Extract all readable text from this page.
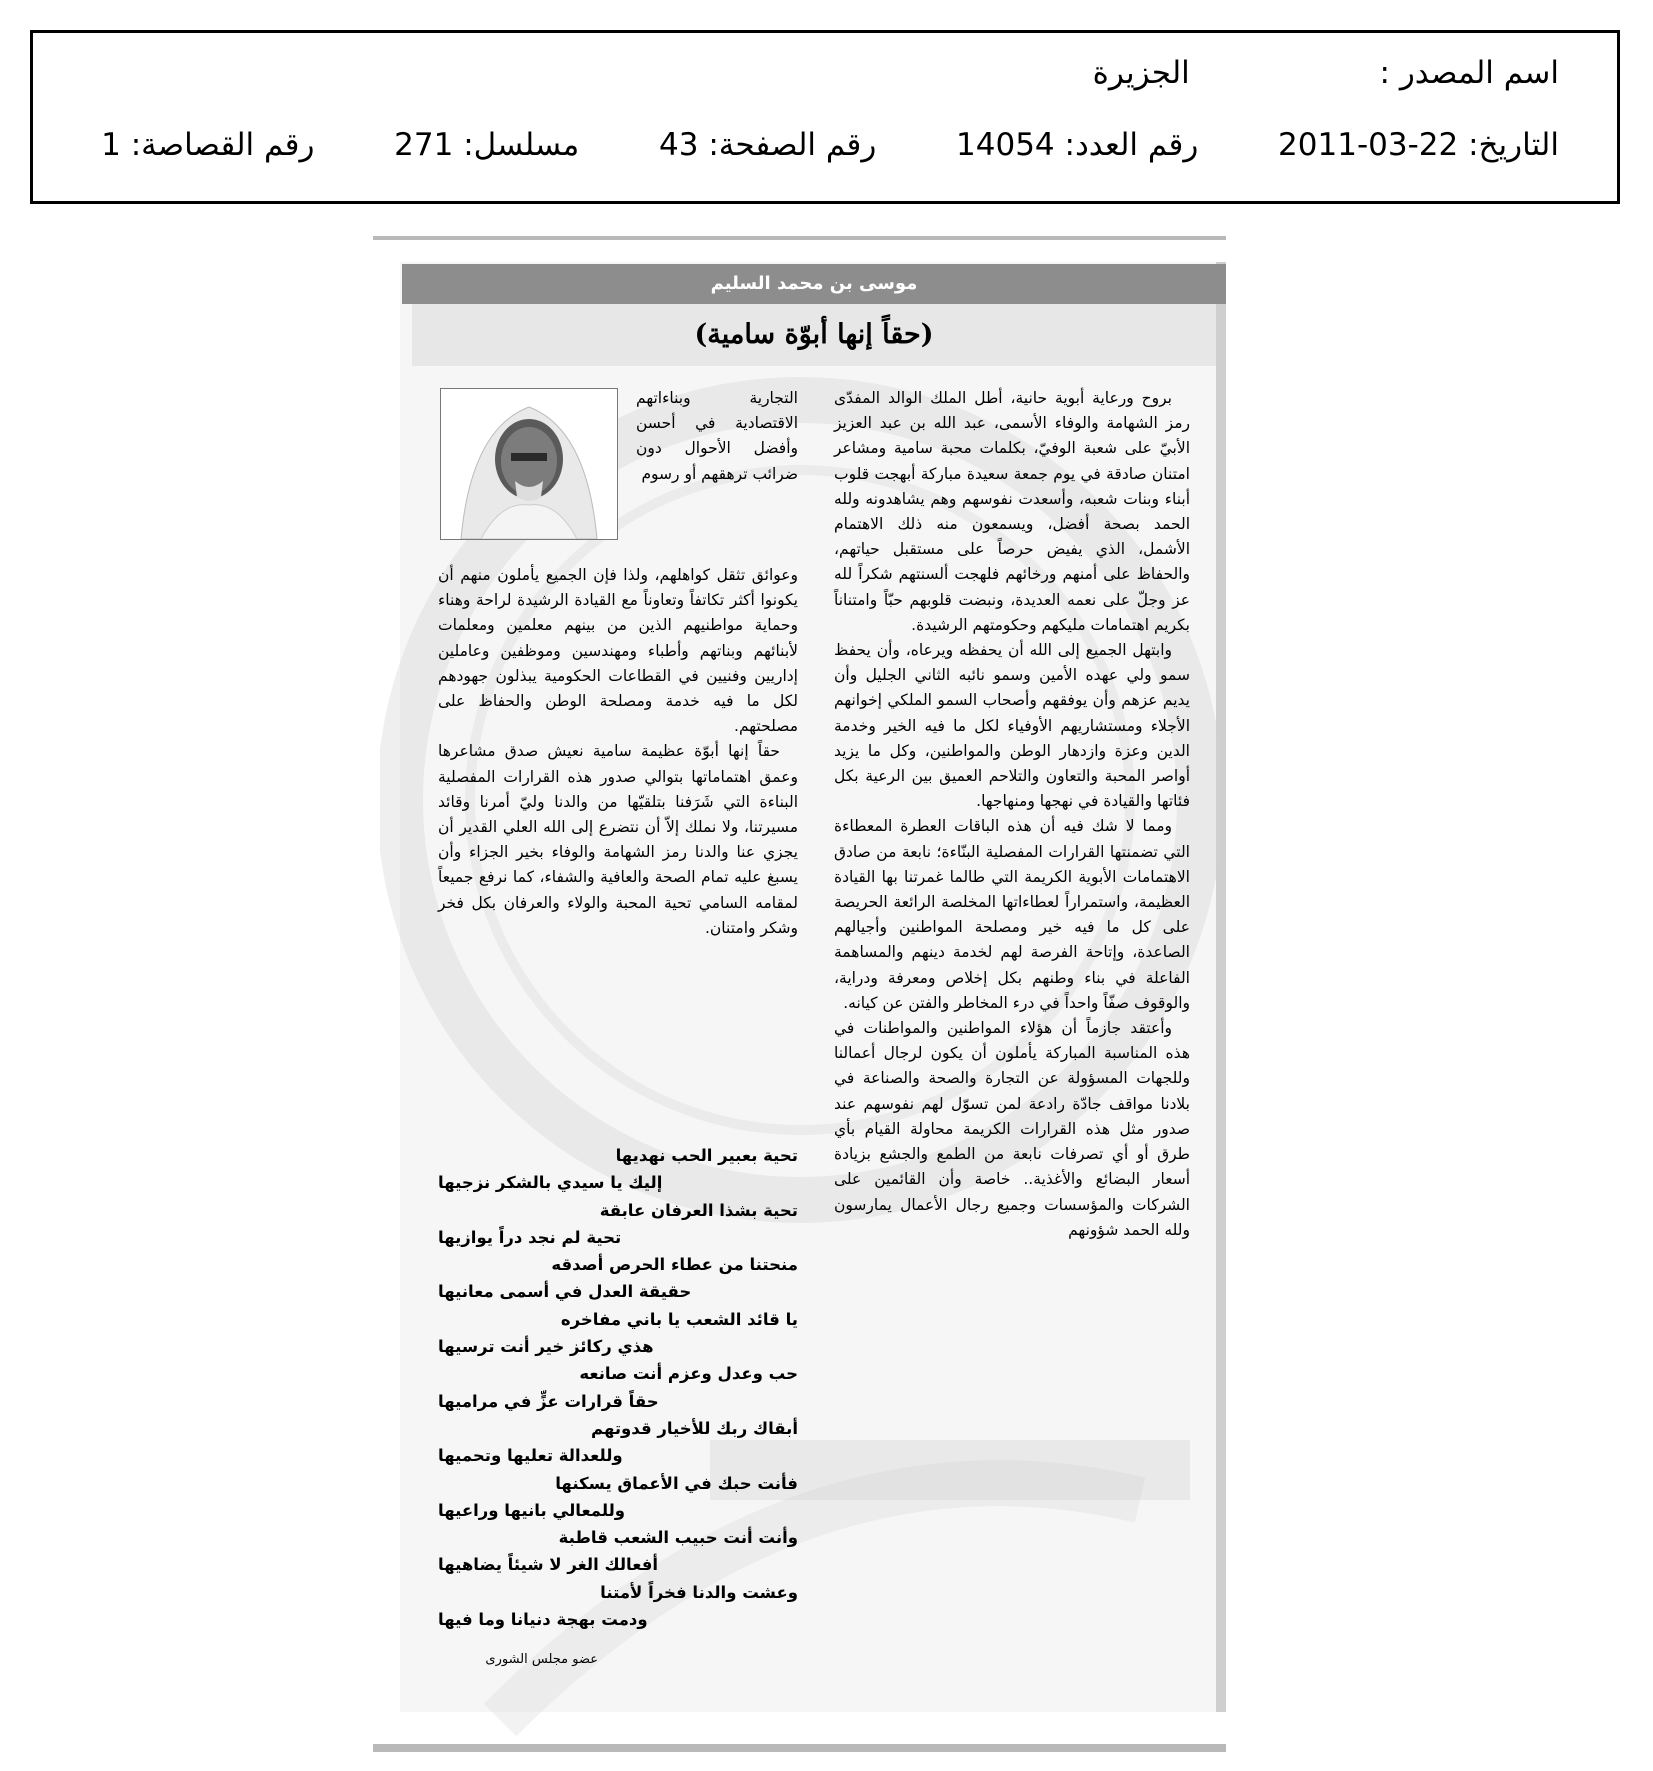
اسم المصدر :  الجزيرة
التاريخ: 2011-03-22  رقم العدد: 14054  رقم الصفحة: 43  مسلسل: 271  رقم القصاصة: 1
موسى بن محمد السليم
(حقاً إنها أبوّة سامية)

بروح ورعاية أبوية حانية، أطل الملك الوالد المفدّى رمز الشهامة والوفاء الأسمى، عبد الله بن عبد العزيز الأبيّ على شعبة الوفيّ، بكلمات محبة سامية ومشاعر امتنان صادقة في يوم جمعة سعيدة مباركة أبهجت قلوب أبناء وبنات شعبه، وأسعدت نفوسهم وهم يشاهدونه ولله الحمد بصحة أفضل، ويسمعون منه ذلك الاهتمام الأشمل، الذي يفيض حرصاً على مستقبل حياتهم، والحفاظ على أمنهم ورخائهم فلهجت ألسنتهم شكراً لله عز وجلّ على نعمه العديدة، ونبضت قلوبهم حبّاً وامتناناً بكريم اهتمامات مليكهم وحكومتهم الرشيدة.

وابتهل الجميع إلى الله أن يحفظه ويرعاه، وأن يحفظ سمو ولي عهده الأمين وسمو نائبه الثاني الجليل وأن يديم عزهم وأن يوفقهم وأصحاب السمو الملكي إخوانهم الأجلاء ومستشاريهم الأوفياء لكل ما فيه الخير وخدمة الدين وعزة وازدهار الوطن والمواطنين، وكل ما يزيد أواصر المحبة والتعاون والتلاحم العميق بين الرعية بكل فئاتها والقيادة في نهجها ومنهاجها.

ومما لا شك فيه أن هذه الباقات العطرة المعطاءة التي تضمنتها القرارات المفصلية البنّاءة؛ نابعة من صادق الاهتمامات الأبوية الكريمة التي طالما غمرتنا بها القيادة العظيمة، واستمراراً لعطاءاتها المخلصة الرائعة الحريصة على كل ما فيه خير ومصلحة المواطنين وأجيالهم الصاعدة، وإتاحة الفرصة لهم لخدمة دينهم والمساهمة الفاعلة في بناء وطنهم بكل إخلاص ومعرفة ودراية، والوقوف صفّاً واحداً في درء المخاطر والفتن عن كيانه.

وأعتقد جازماً أن هؤلاء المواطنين والمواطنات في هذه المناسبة المباركة يأملون أن يكون لرجال أعمالنا وللجهات المسؤولة عن التجارة والصحة والصناعة في بلادنا مواقف جادّة رادعة لمن تسوّل لهم نفوسهم عند صدور مثل هذه القرارات الكريمة محاولة القيام بأي طرق أو أي تصرفات نابعة من الطمع والجشع بزيادة أسعار البضائع والأغذية.. خاصة وأن القائمين على الشركات والمؤسسات وجميع رجال الأعمال يمارسون ولله الحمد شؤونهم

التجارية وبناءاتهم الاقتصادية في أحسن وأفضل الأحوال دون ضرائب ترهقهم أو رسوم

وعوائق تثقل كواهلهم، ولذا فإن الجميع يأملون منهم أن يكونوا أكثر تكاتفاً وتعاوناً مع القيادة الرشيدة لراحة وهناء وحماية مواطنيهم الذين من بينهم معلمين ومعلمات لأبنائهم وبناتهم وأطباء ومهندسين وموظفين وعاملين إداريين وفنيين في القطاعات الحكومية يبذلون جهودهم لكل ما فيه خدمة ومصلحة الوطن والحفاظ على مصلحتهم.

حقاً إنها أبوّة عظيمة سامية نعيش صدق مشاعرها وعمق اهتماماتها بتوالي صدور هذه القرارات المفصلية البناءة التي شَرَفنا بتلقيّها من والدنا وليّ أمرنا وقائد مسيرتنا، ولا نملك إلاّ أن نتضرع إلى الله العلي القدير أن يجزي عنا والدنا رمز الشهامة والوفاء بخير الجزاء وأن يسبغ عليه تمام الصحة والعافية والشفاء، كما نرفع جميعاً لمقامه السامي تحية المحبة والولاء والعرفان بكل فخر وشكر وامتنان.

تحية بعبير الحب نهديها
إليك يا سيدي بالشكر نزجيها
تحية بشذا العرفان عابقة
تحية لم نجد دراً يوازيها
منحتنا من عطاء الحرص أصدقه
حقيقة العدل في أسمى معانيها
يا قائد الشعب يا باني مفاخره
هذي ركائز خير أنت ترسيها
حب وعدل وعزم أنت صانعه
حقاً قرارات عزٍّ في مراميها
أبقاك ربك للأخيار قدوتهم
وللعدالة تعليها وتحميها
فأنت حبك في الأعماق يسكنها
وللمعالي بانيها وراعيها
وأنت أنت حبيب الشعب قاطبة
أفعالك الغر لا شيئاً يضاهيها
وعشت والدنا فخراً لأمتنا
ودمت بهجة دنيانا وما فيها
عضو مجلس الشورى
